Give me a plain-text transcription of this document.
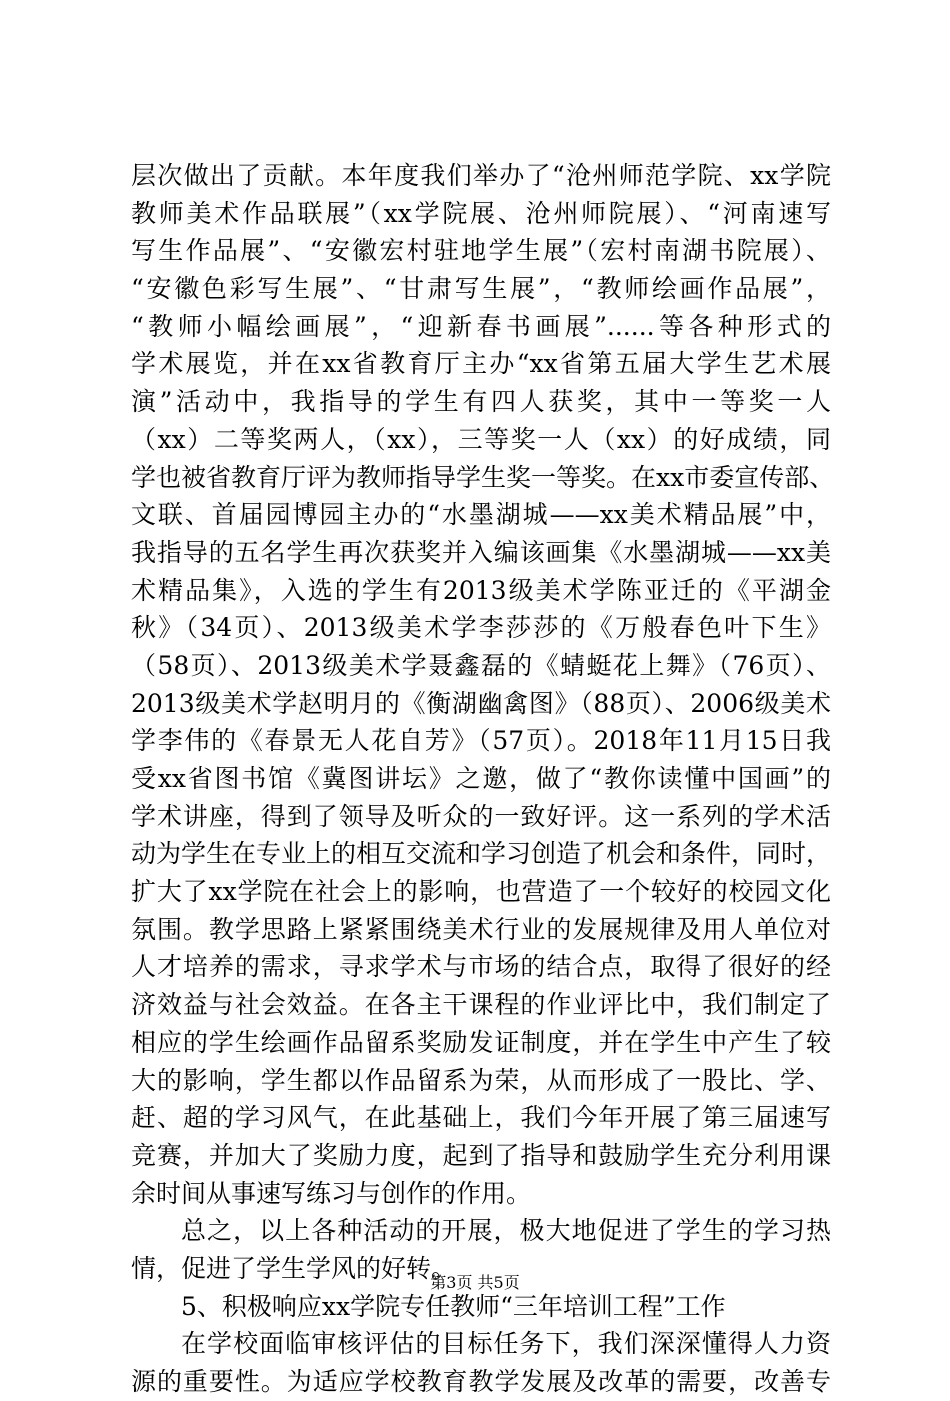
层次做出了贡献。本年度我们举办了“沧州师范学院、xx学院
教师美术作品联展”（xx学院展、沧州师院展）、“河南速写
写生作品展”、“安徽宏村驻地学生展”（宏村南湖书院展）、
“安徽色彩写生展”、“甘肃写生展”，“教师绘画作品展”，
“教师小幅绘画展”，“迎新春书画展”......等各种形式的
学术展览，并在xx省教育厅主办“xx省第五届大学生艺术展
演”活动中，我指导的学生有四人获奖，其中一等奖一人
（xx）二等奖两人，（xx），三等奖一人（xx）的好成绩，同
学也被省教育厅评为教师指导学生奖一等奖。在xx市委宣传部、
文联、首届园博园主办的“水墨湖城——xx美术精品展”中，
我指导的五名学生再次获奖并入编该画集《水墨湖城——xx美
术精品集》，入选的学生有2013级美术学陈亚迁的《平湖金
秋》（34页）、2013级美术学李莎莎的《万般春色叶下生》
（58页）、2013级美术学聂鑫磊的《蜻蜓花上舞》（76页）、
2013级美术学赵明月的《衡湖幽禽图》（88页）、2006级美术
学李伟的《春景无人花自芳》（57页）。2018年11月15日我
受xx省图书馆《冀图讲坛》之邀，做了“教你读懂中国画”的
学术讲座，得到了领导及听众的一致好评。这一系列的学术活
动为学生在专业上的相互交流和学习创造了机会和条件，同时，
扩大了xx学院在社会上的影响，也营造了一个较好的校园文化
氛围。教学思路上紧紧围绕美术行业的发展规律及用人单位对
人才培养的需求，寻求学术与市场的结合点，取得了很好的经
济效益与社会效益。在各主干课程的作业评比中，我们制定了
相应的学生绘画作品留系奖励发证制度，并在学生中产生了较
大的影响，学生都以作品留系为荣，从而形成了一股比、学、
赶、超的学习风气，在此基础上，我们今年开展了第三届速写
竞赛，并加大了奖励力度，起到了指导和鼓励学生充分利用课
余时间从事速写练习与创作的作用。
总之，以上各种活动的开展，极大地促进了学生的学习热
情，促进了学生学风的好转。
5、积极响应xx学院专任教师“三年培训工程”工作
在学校面临审核评估的目标任务下，我们深深懂得人力资
源的重要性。为适应学校教育教学发展及改革的需要，改善专
第3页 共5页
